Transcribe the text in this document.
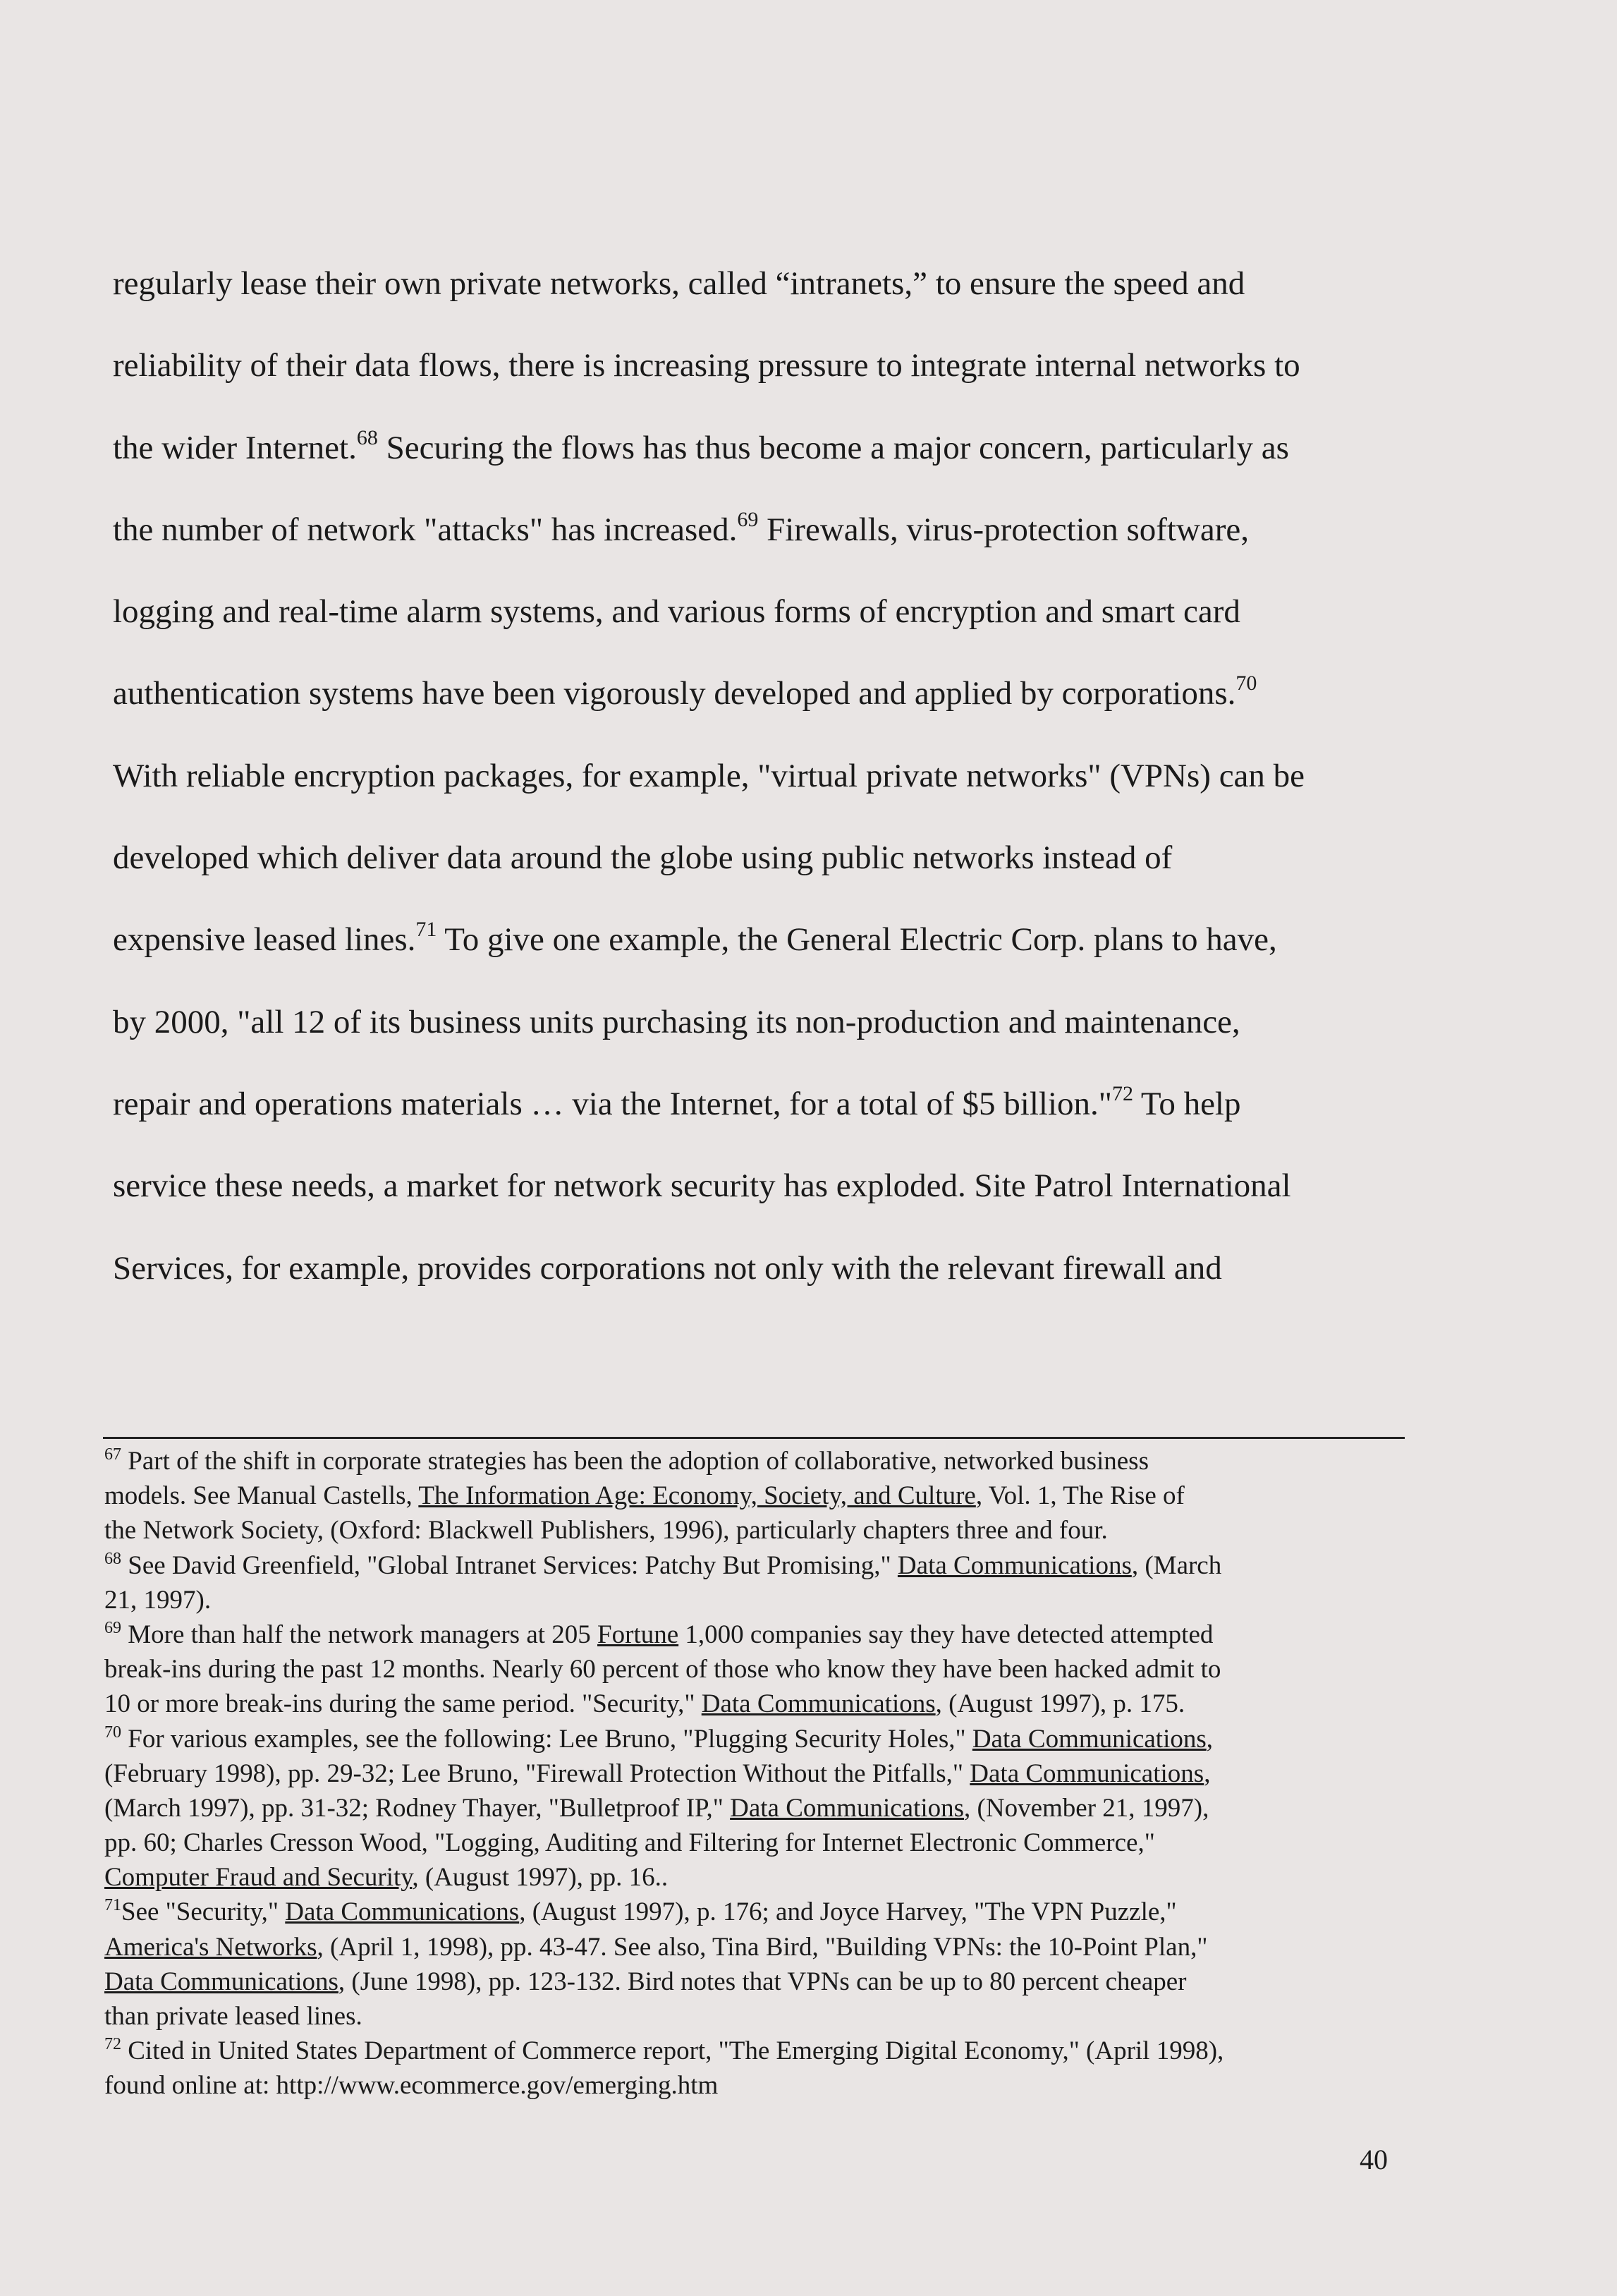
regularly lease their own private networks, called “intranets,” to ensure the speed and
reliability of their data flows, there is increasing pressure to integrate internal networks to
the wider Internet.$^{68}$ Securing the flows has thus become a major concern, particularly as
the number of network "attacks" has increased.$^{69}$ Firewalls, virus-protection software,
logging and real-time alarm systems, and various forms of encryption and smart card
authentication systems have been vigorously developed and applied by corporations.$^{70}$
With reliable encryption packages, for example, "virtual private networks" (VPNs) can be
developed which deliver data around the globe using public networks instead of
expensive leased lines.$^{71}$ To give one example, the General Electric Corp. plans to have,
by 2000, "all 12 of its business units purchasing its non-production and maintenance,
repair and operations materials … via the Internet, for a total of $5 billion."$^{72}$ To help
service these needs, a market for network security has exploded. Site Patrol International
Services, for example, provides corporations not only with the relevant firewall and
$^{67}$ Part of the shift in corporate strategies has been the adoption of collaborative, networked business
models. See Manual Castells, The Information Age: Economy, Society, and Culture, Vol. 1, The Rise of
the Network Society, (Oxford: Blackwell Publishers, 1996), particularly chapters three and four.
$^{68}$ See David Greenfield, "Global Intranet Services: Patchy But Promising," Data Communications, (March
21, 1997).
$^{69}$ More than half the network managers at 205 Fortune 1,000 companies say they have detected attempted
break-ins during the past 12 months. Nearly 60 percent of those who know they have been hacked admit to
10 or more break-ins during the same period. "Security," Data Communications, (August 1997), p. 175.
$^{70}$ For various examples, see the following: Lee Bruno, "Plugging Security Holes," Data Communications,
(February 1998), pp. 29-32; Lee Bruno, "Firewall Protection Without the Pitfalls," Data Communications,
(March 1997), pp. 31-32; Rodney Thayer, "Bulletproof IP," Data Communications, (November 21, 1997),
pp. 60; Charles Cresson Wood, "Logging, Auditing and Filtering for Internet Electronic Commerce,"
Computer Fraud and Security, (August 1997), pp. 16..
$^{71}$See "Security," Data Communications, (August 1997), p. 176; and Joyce Harvey, "The VPN Puzzle,"
America's Networks, (April 1, 1998), pp. 43-47. See also, Tina Bird, "Building VPNs: the 10-Point Plan,"
Data Communications, (June 1998), pp. 123-132. Bird notes that VPNs can be up to 80 percent cheaper
than private leased lines.
$^{72}$ Cited in United States Department of Commerce report, "The Emerging Digital Economy," (April 1998),
found online at: http://www.ecommerce.gov/emerging.htm
40
